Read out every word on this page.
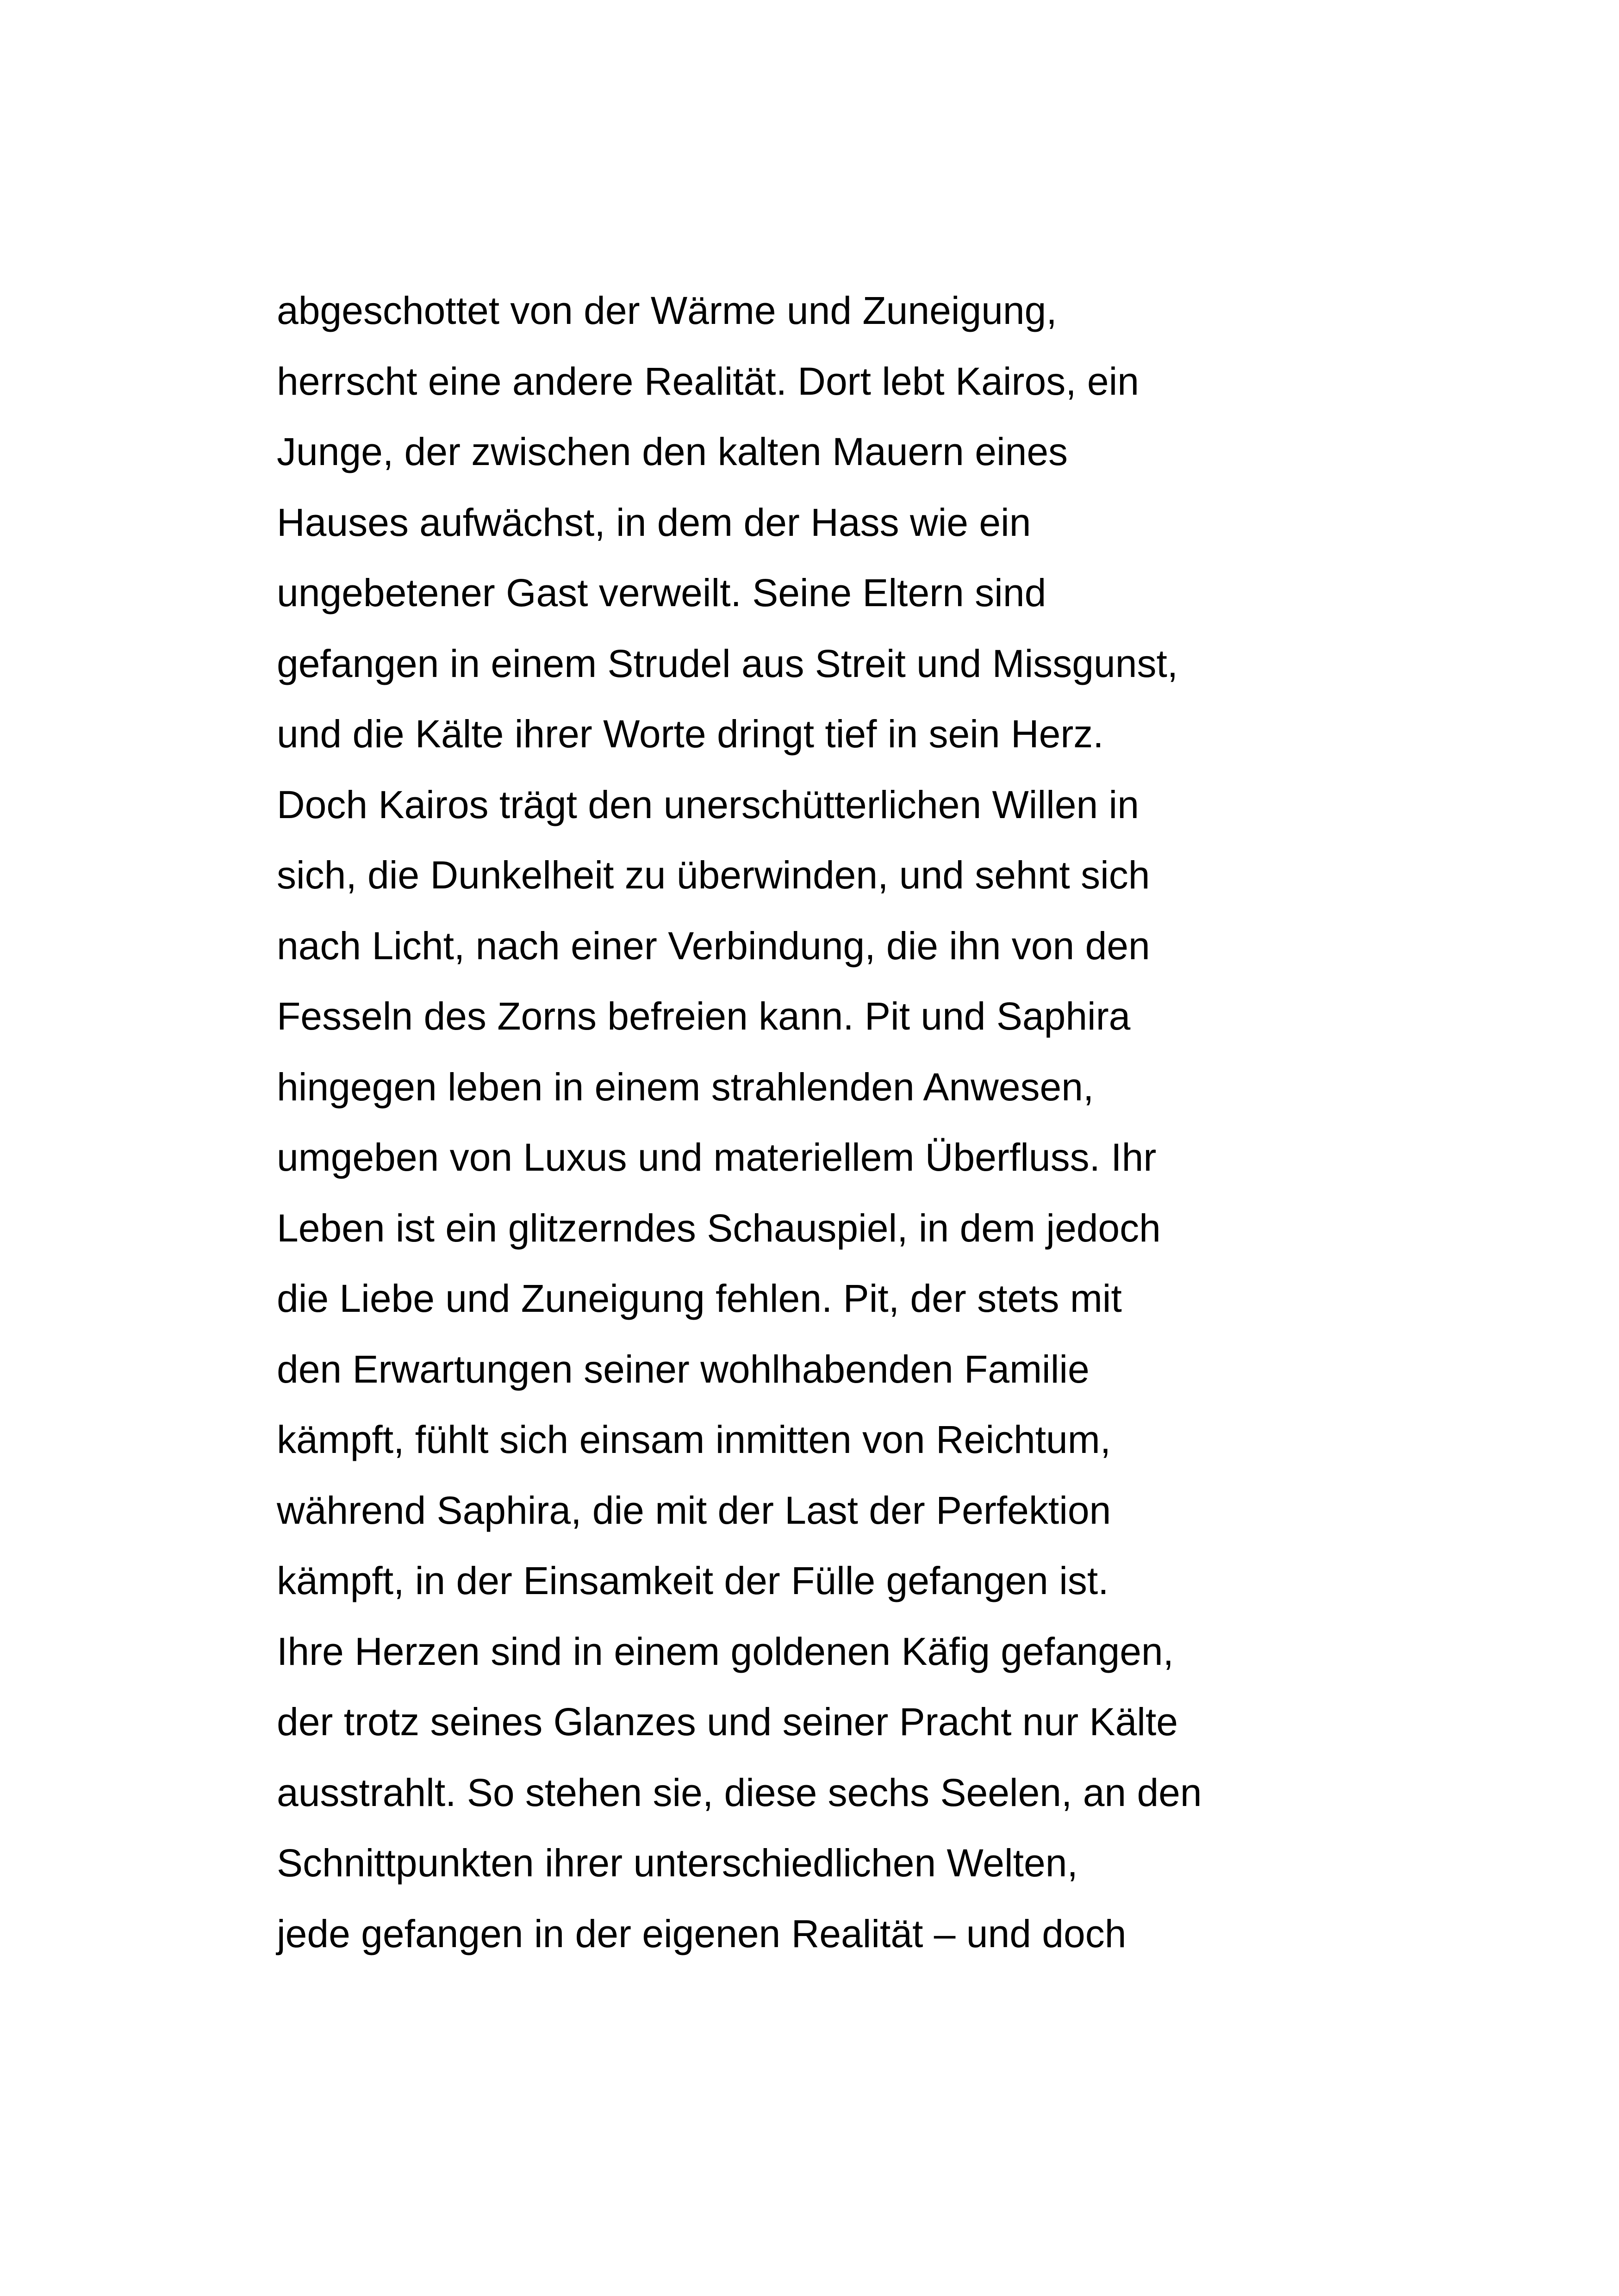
abgeschottet von der Wärme und Zuneigung,
herrscht eine andere Realität. Dort lebt Kairos, ein
Junge, der zwischen den kalten Mauern eines
Hauses aufwächst, in dem der Hass wie ein
ungebetener Gast verweilt. Seine Eltern sind
gefangen in einem Strudel aus Streit und Missgunst,
und die Kälte ihrer Worte dringt tief in sein Herz.
Doch Kairos trägt den unerschütterlichen Willen in
sich, die Dunkelheit zu überwinden, und sehnt sich
nach Licht, nach einer Verbindung, die ihn von den
Fesseln des Zorns befreien kann. Pit und Saphira
hingegen leben in einem strahlenden Anwesen,
umgeben von Luxus und materiellem Überfluss. Ihr
Leben ist ein glitzerndes Schauspiel, in dem jedoch
die Liebe und Zuneigung fehlen. Pit, der stets mit
den Erwartungen seiner wohlhabenden Familie
kämpft, fühlt sich einsam inmitten von Reichtum,
während Saphira, die mit der Last der Perfektion
kämpft, in der Einsamkeit der Fülle gefangen ist.
Ihre Herzen sind in einem goldenen Käfig gefangen,
der trotz seines Glanzes und seiner Pracht nur Kälte
ausstrahlt. So stehen sie, diese sechs Seelen, an den
Schnittpunkten ihrer unterschiedlichen Welten,
jede gefangen in der eigenen Realität – und doch
